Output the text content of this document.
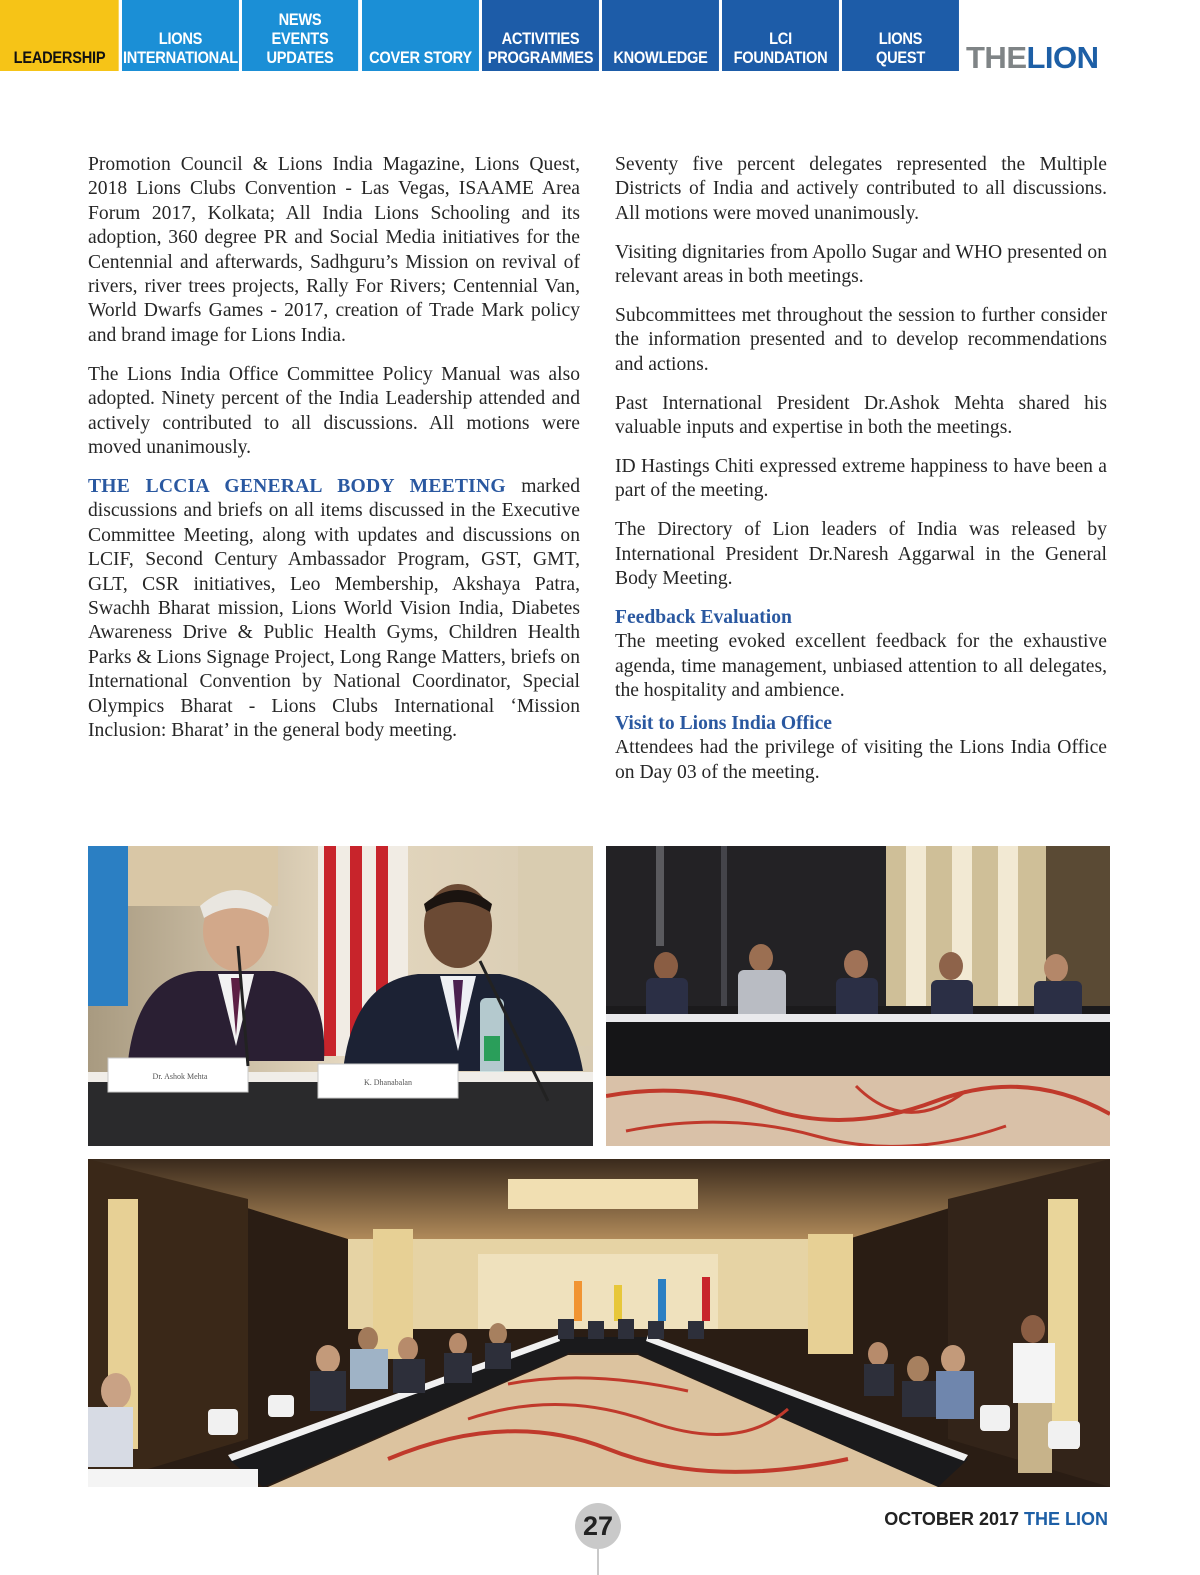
LEADERSHIP
LIONS
INTERNATIONAL
NEWS
EVENTS
UPDATES COVER STORY
ACTIVITIES
PROGRAMMES KNOWLEDGE
LCI
FOUNDATION
LIONS
QUEST THELION

Promotion Council & Lions India Magazine, Lions Quest, 2018 Lions Clubs Convention - Las Vegas, ISAAME Area Forum 2017, Kolkata; All India Lions Schooling and its adoption, 360 degree PR and Social Media initiatives for the Centennial and afterwards, Sadhguru’s Mission on revival of rivers, river trees projects, Rally For Rivers; Centennial Van, World Dwarfs Games - 2017, creation of Trade Mark policy and brand image for Lions India.

The Lions India Office Committee Policy Manual was also adopted. Ninety percent of the India Leadership attended and actively contributed to all discussions. All motions were moved unanimously.

THE LCCIA GENERAL BODY MEETING marked discussions and briefs on all items discussed in the Executive Committee Meeting, along with updates and discussions on LCIF, Second Century Ambassador Program, GST, GMT, GLT, CSR initiatives, Leo Membership, Akshaya Patra, Swachh Bharat mission, Lions World Vision India, Diabetes Awareness Drive & Public Health Gyms, Children Health Parks & Lions Signage Project, Long Range Matters, briefs on International Convention by National Coordinator, Special Olympics Bharat - Lions Clubs International ‘Mission Inclusion: Bharat’ in the general body meeting.

Seventy five percent delegates represented the Multiple Districts of India and actively contributed to all discussions. All motions were moved unanimously.

Visiting dignitaries from Apollo Sugar and WHO presented on relevant areas in both meetings.

Subcommittees met throughout the session to further consider the information presented and to develop recommendations and actions.

Past International President Dr.Ashok Mehta shared his valuable inputs and expertise in both the meetings.

ID Hastings Chiti expressed extreme happiness to have been a part of the meeting.

The Directory of Lion leaders of India was released by International President Dr.Naresh Aggarwal in the General Body Meeting.

Feedback Evaluation
The meeting evoked excellent feedback for the exhaustive agenda, time management, unbiased attention to all delegates, the hospitality and ambience.

Visit to Lions India Office
Attendees had the privilege of visiting the Lions India Office on Day 03 of the meeting.

Dr. Ashok Mehta
K. Dhanabalan
27	OCTOBER 2017 THE LION
